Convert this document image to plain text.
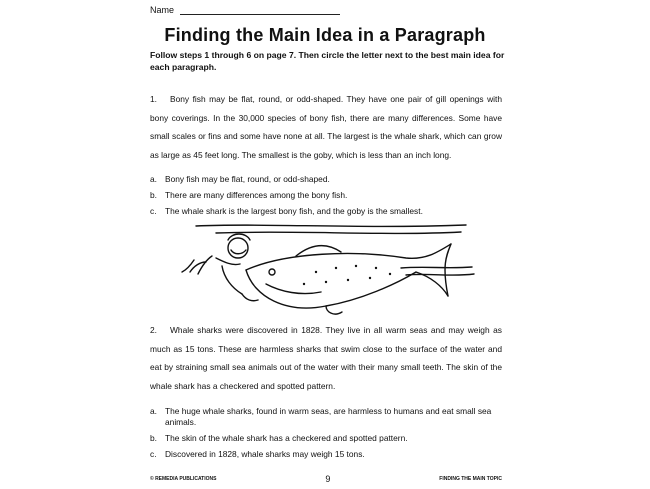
Name
Finding the Main Idea in a Paragraph
Follow steps 1 through 6 on page 7. Then circle the letter next to the best main idea for each paragraph.
1. Bony fish may be flat, round, or odd-shaped. They have one pair of gill openings with bony coverings. In the 30,000 species of bony fish, there are many differences. Some have small scales or fins and some have none at all. The largest is the whale shark, which can grow as large as 45 feet long. The smallest is the goby, which is less than an inch long.
a. Bony fish may be flat, round, or odd-shaped.
b. There are many differences among the bony fish.
c.	The whale shark is the largest bony fish, and the goby is the smallest.
2. Whale sharks were discovered in 1828. They live in all warm seas and may weigh as much as 15 tons. These are harmless sharks that swim close to the surface of the water and eat by straining small sea animals out of the water with their many small teeth. The skin of the whale shark has a checkered and spotted pattern.
a. The huge whale sharks, found in warm seas, are harmless to humans and eat small sea animals.
b. The skin of the whale shark has a checkered and spotted pattern.
c.	Discovered in 1828, whale sharks may weigh 15 tons.
© REMEDIA PUBLICATIONS	9	FINDING THE MAIN TOPIC
